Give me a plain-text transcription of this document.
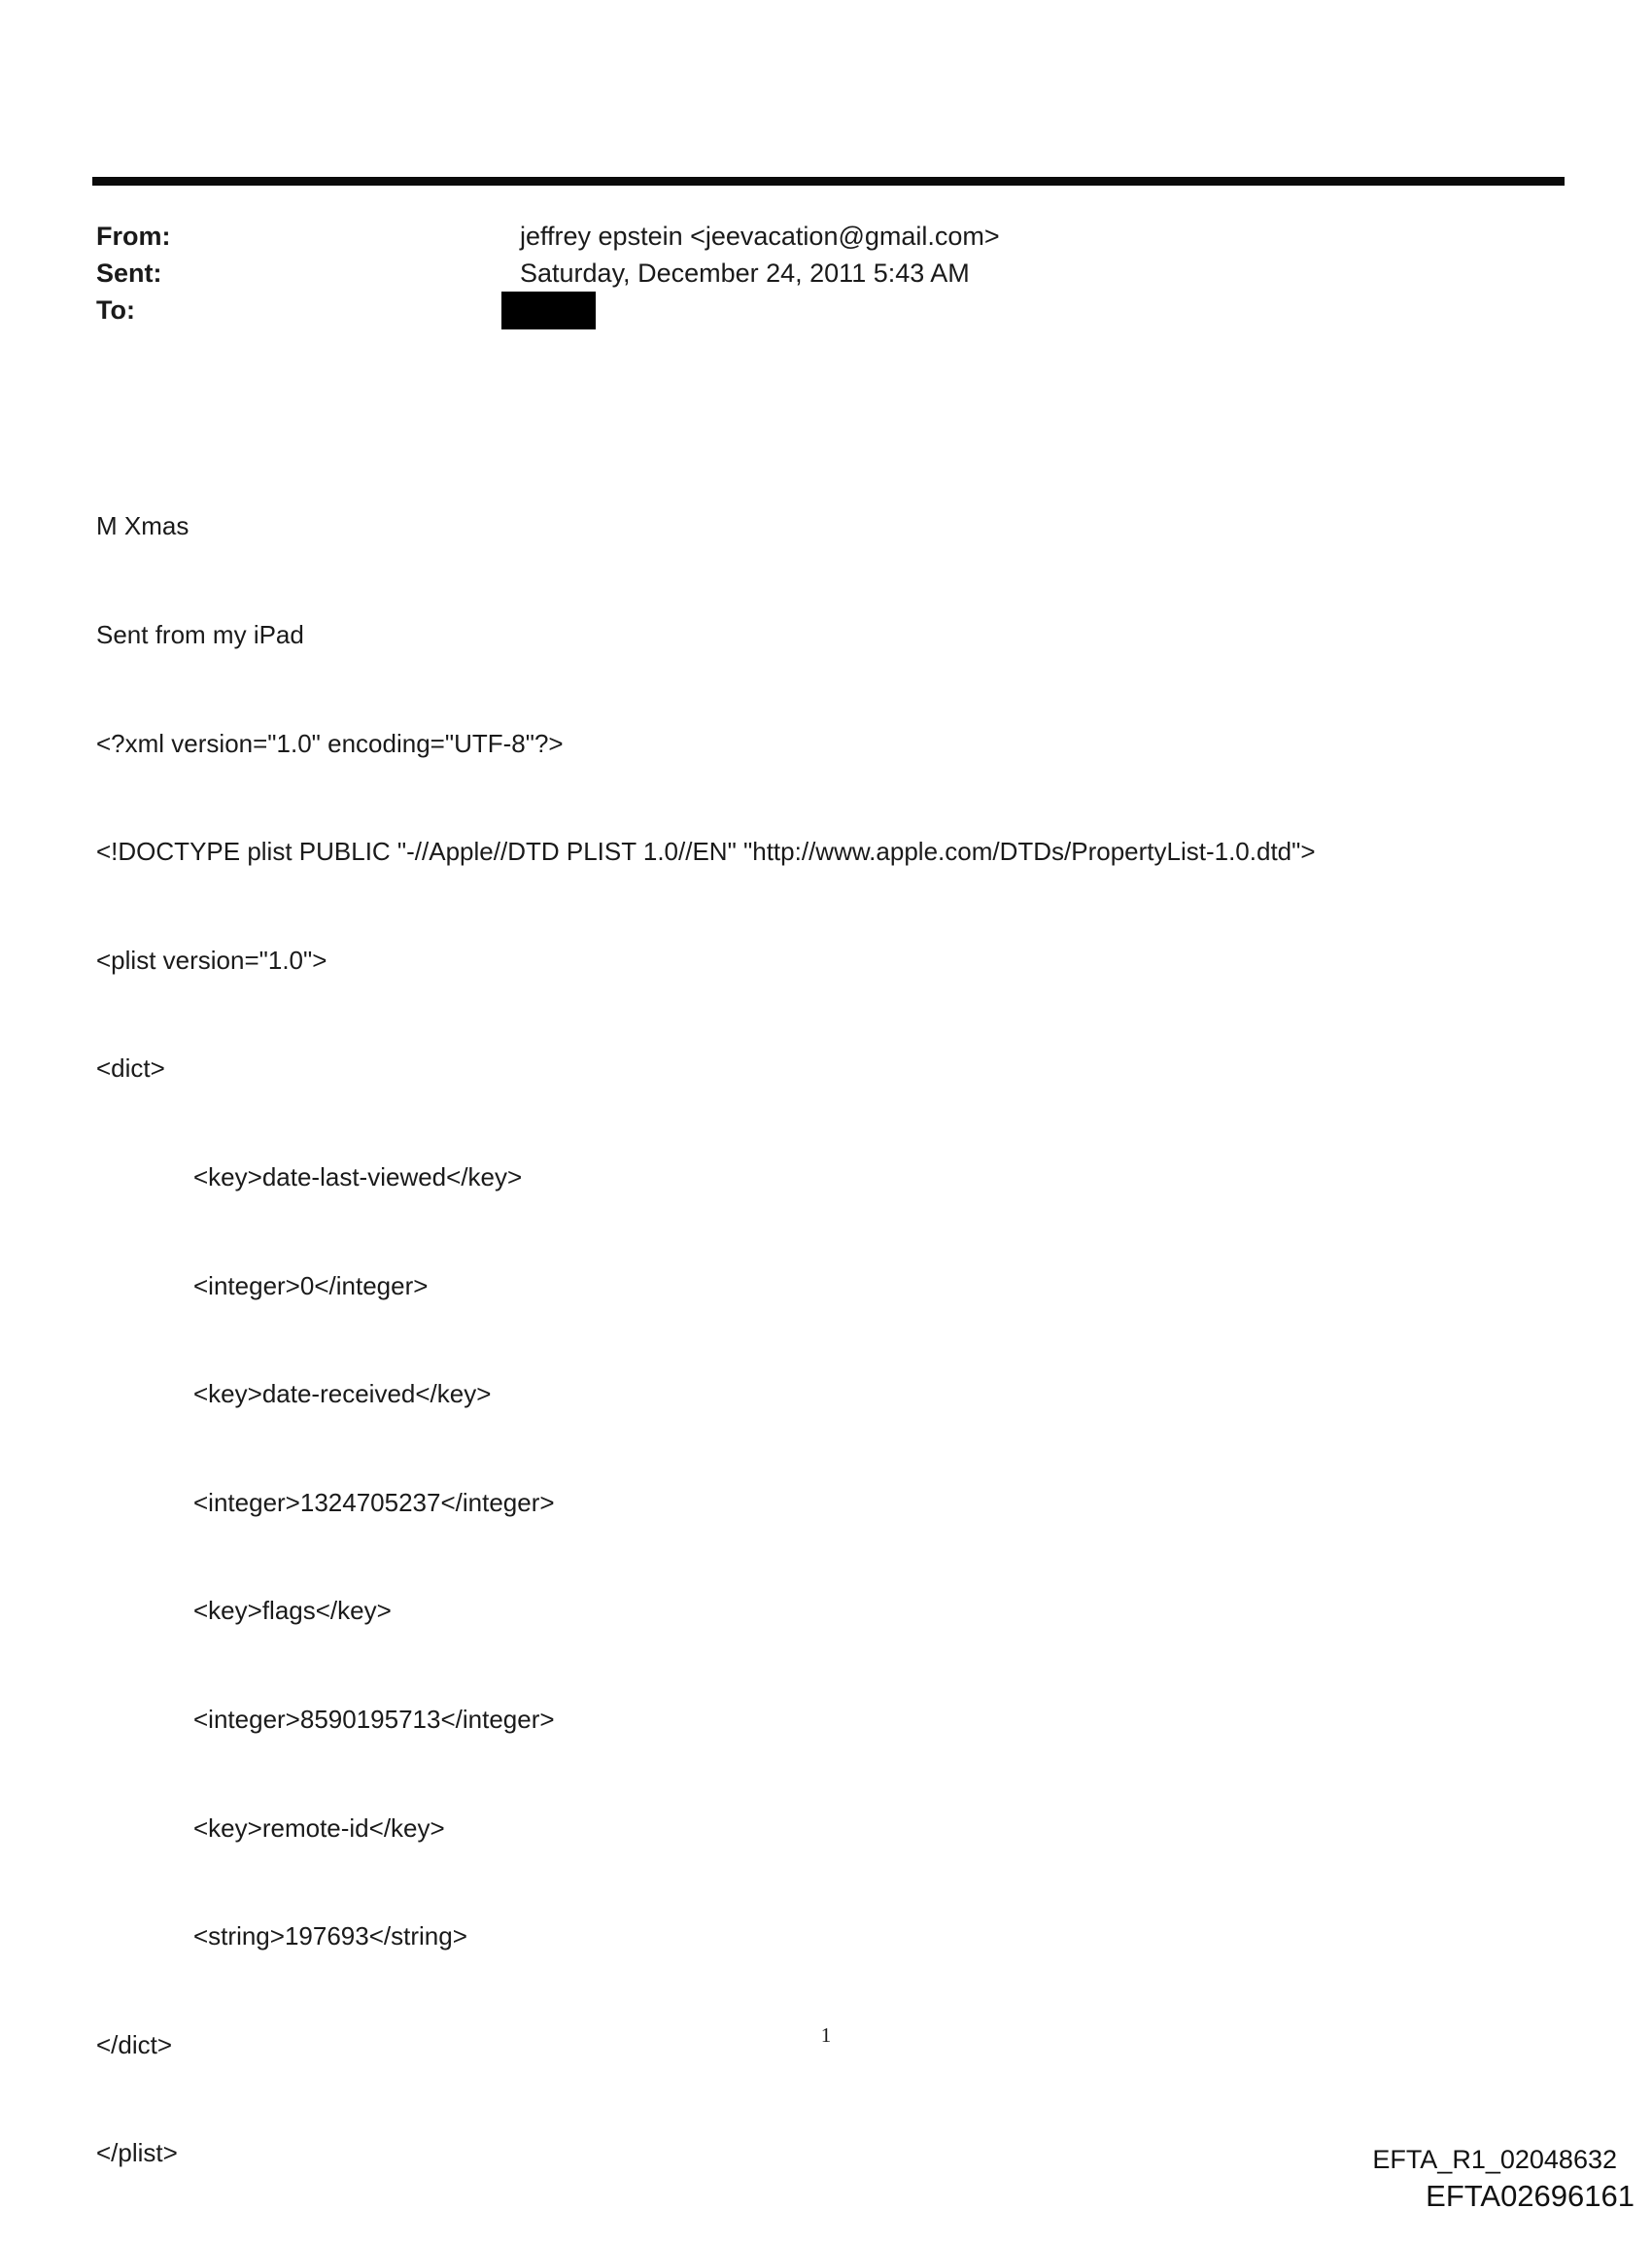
From:	jeffrey epstein <jeevacation@gmail.com>
Sent:	Saturday, December 24, 2011 5:43 AM
To:

M Xmas

Sent from my iPad

<?xml version="1.0" encoding="UTF-8"?>

<!DOCTYPE plist PUBLIC "-//Apple//DTD PLIST 1.0//EN" "http://www.apple.com/DTDs/PropertyList-1.0.dtd">

<plist version="1.0">

<dict>

<key>date-last-viewed</key>

<integer>0</integer>

<key>date-received</key>

<integer>1324705237</integer>

<key>flags</key>

<integer>8590195713</integer>

<key>remote-id</key>

<string>197693</string>

</dict>

</plist>

1
EFTA_R1_02048632
EFTA02696161
